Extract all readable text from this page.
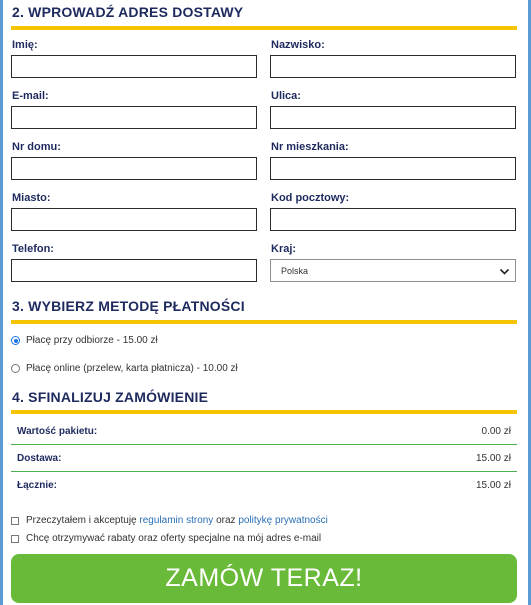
2. WPROWADŹ ADRES DOSTAWY
Imię:	Nazwisko:
E-mail:	Ulica:
Nr domu:	Nr mieszkania:
Miasto:	Kod pocztowy:
Telefon:	Kraj:
Polska
3. WYBIERZ METODĘ PŁATNOŚCI
Płacę przy odbiorze - 15.00 zł
Płacę online (przelew, karta płatnicza) - 10.00 zł
4. SFINALIZUJ ZAMÓWIENIE
Wartość pakietu:	0.00 zł
Dostawa:	15.00 zł
Łącznie:	15.00 zł
Przeczytałem i akceptuję
regulamin strony
oraz
politykę prywatności
Chcę otrzymywać rabaty oraz oferty specjalne na mój adres e-mail
ZAMÓW TERAZ!
